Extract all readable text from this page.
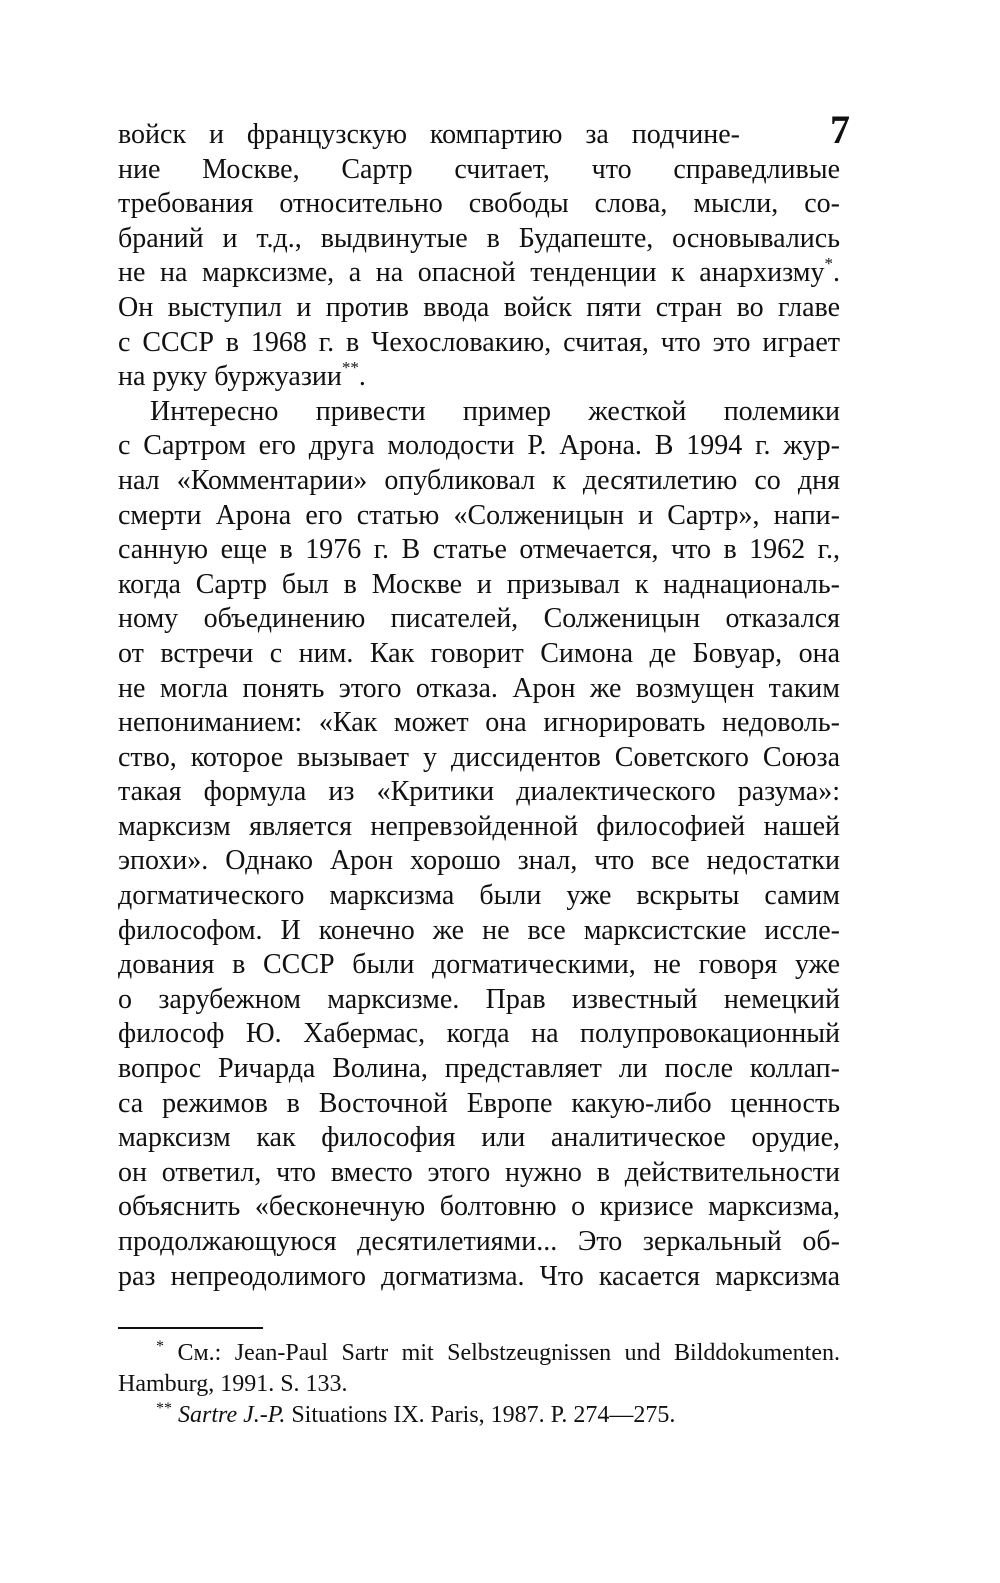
7
войск и французскую компартию за подчине-
ние Москве, Сартр считает, что справедливые
требования относительно свободы слова, мысли, со-
браний и т.д., выдвинутые в Будапеште, основывались
не на марксизме, а на опасной тенденции к анархизму*.
Он выступил и против ввода войск пяти стран во главе
с СССР в 1968 г. в Чехословакию, считая, что это играет
на руку буржуазии**.
Интересно привести пример жесткой полемики
с Сартром его друга молодости Р. Арона. В 1994 г. жур-
нал «Комментарии» опубликовал к десятилетию со дня
смерти Арона его статью «Солженицын и Сартр», напи-
санную еще в 1976 г. В статье отмечается, что в 1962 г.,
когда Сартр был в Москве и призывал к наднациональ-
ному объединению писателей, Солженицын отказался
от встречи с ним. Как говорит Симона де Бовуар, она
не могла понять этого отказа. Арон же возмущен таким
непониманием: «Как может она игнорировать недоволь-
ство, которое вызывает у диссидентов Советского Союза
такая формула из «Критики диалектического разума»:
марксизм является непревзойденной философией нашей
эпохи». Однако Арон хорошо знал, что все недостатки
догматического марксизма были уже вскрыты самим
философом. И конечно же не все марксистские иссле-
дования в СССР были догматическими, не говоря уже
о зарубежном марксизме. Прав известный немецкий
философ Ю. Хабермас, когда на полупровокационный
вопрос Ричарда Волина, представляет ли после коллап-
са режимов в Восточной Европе какую-либо ценность
марксизм как философия или аналитическое орудие,
он ответил, что вместо этого нужно в действительности
объяснить «бесконечную болтовню о кризисе марксизма,
продолжающуюся десятилетиями... Это зеркальный об-
раз непреодолимого догматизма. Что касается марксизма
* См.: Jean-Paul Sartr mit Selbstzeugnissen und Bilddokumenten.
Hamburg, 1991. S. 133.
** Sartre J.-P. Situations IX. Paris, 1987. P. 274—275.
